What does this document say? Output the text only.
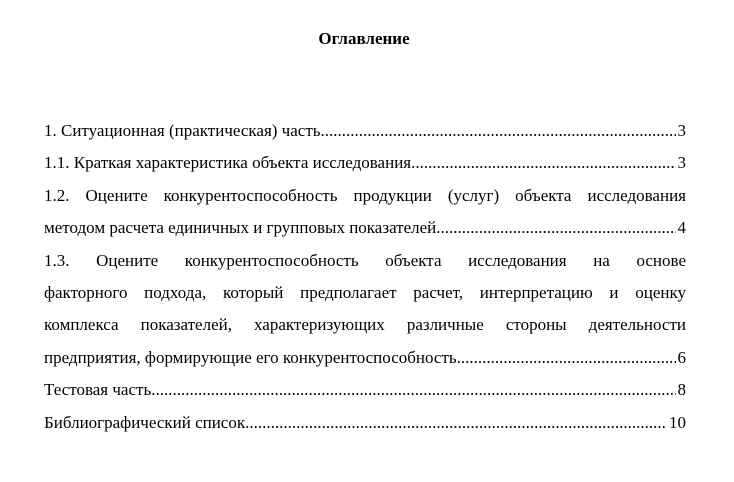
Оглавление
1. Ситуационная (практическая) часть .....	3
1.1. Краткая характеристика объекта исследования .....	3
1.2. Оцените конкурентоспособность продукции (услуг) объекта исследования
методом расчета единичных и групповых показателей .....	4
1.3. Оцените конкурентоспособность объекта исследования на основе
факторного подхода, который предполагает расчет, интерпретацию и оценку
комплекса показателей, характеризующих различные стороны деятельности
предприятия, формирующие его конкурентоспособность .....	6
Тестовая часть .....	8
Библиографический список .....	10
